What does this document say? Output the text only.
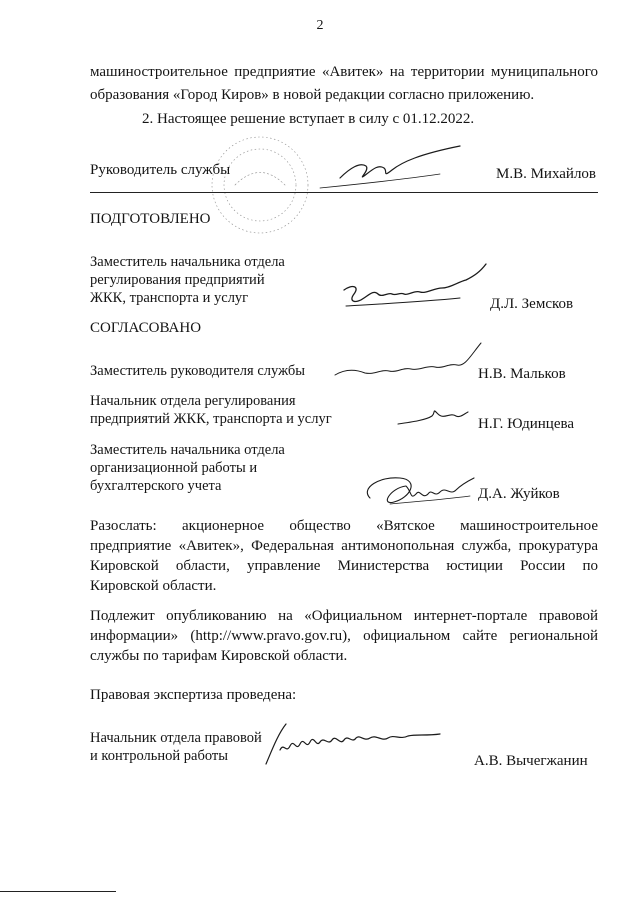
2
машиностроительное предприятие «Авитек» на территории муниципального
образования «Город Киров» в новой редакции согласно приложению.
2. Настоящее решение вступает в силу с 01.12.2022.
Руководитель службы	М.В. Михайлов
ПОДГОТОВЛЕНО
Заместитель начальника отдела
регулирования предприятий
ЖКК, транспорта и услуг	Д.Л. Земсков
СОГЛАСОВАНО
Заместитель руководителя службы	Н.В. Мальков
Начальник отдела регулирования
предприятий ЖКК, транспорта и услуг	Н.Г. Юдинцева
Заместитель начальника отдела
организационной работы и
бухгалтерского учета	Д.А. Жуйков
Разослать: акционерное общество «Вятское машиностроительное
предприятие «Авитек», Федеральная антимонопольная служба, прокуратура
Кировской области, управление Министерства юстиции России по
Кировской области.
Подлежит опубликованию на «Официальном интернет-портале правовой
информации» (http://www.pravo.gov.ru), официальном сайте региональной
службы по тарифам Кировской области.
Правовая экспертиза проведена:
Начальник отдела правовой
и контрольной работы	А.В. Вычегжанин
